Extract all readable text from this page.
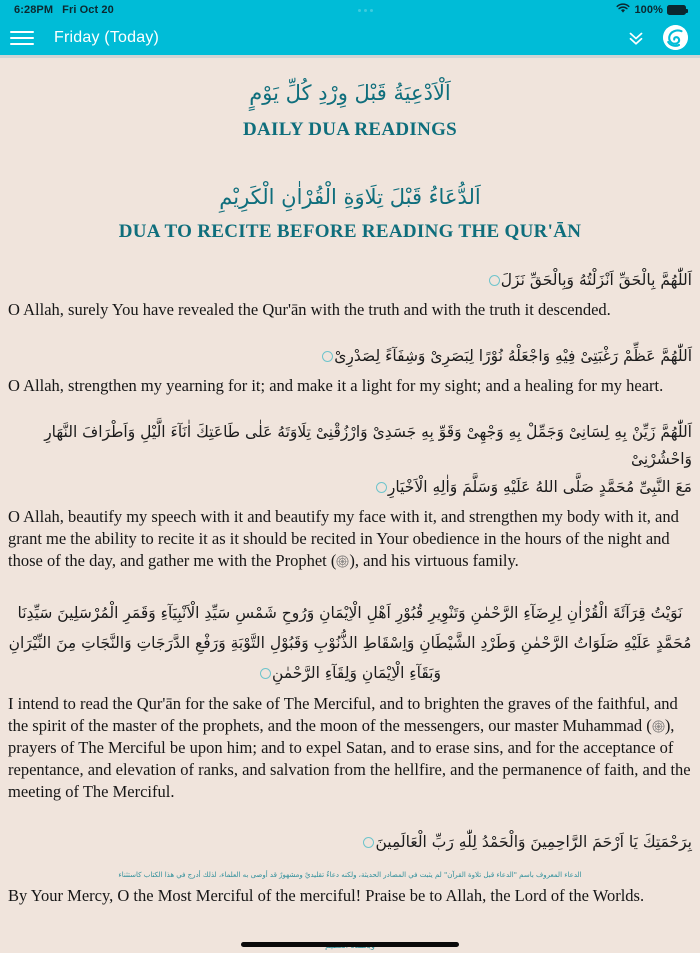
6:28PM Fri Oct 20	100%
Friday (Today)
اَلْاَدْعِيَةُ قَبْلَ وِرْدِ كُلِّ يَوْمٍ
DAILY DUA READINGS
اَلدُّعَاءُ قَبْلَ تِلَاوَةِ الْقُرْاٰنِ الْكَرِيْمِ
DUA TO RECITE BEFORE READING THE QUR'ĀN
اَللّٰهُمَّ بِالْحَقِّ اَنْزَلْتُهُ وَبِالْحَقِّ نَزَلَ
O Allah, surely You have revealed the Qur'ān with the truth and with the truth it descended.
اَللّٰهُمَّ عَظِّمْ رَغْبَتِىْ فِيْهِ وَاجْعَلْهُ نُوْرًا لِبَصَرِىْ وَشِفَآءً لِصَدْرِىْ
O Allah, strengthen my yearning for it; and make it a light for my sight; and a healing for my heart.
اَللّٰهُمَّ زَيِّنْ بِهِ لِسَانِىْ وَجَمِّلْ بِهِ وَجْهِىْ وَقَوِّ بِهِ جَسَدِىْ وَارْزُقْنِىْ تِلَاوَتَهُ عَلٰى طَاعَتِكَ اٰنَآءَ الَّيْلِ وَاَطْرَافَ النَّهَارِ وَاحْشُرْنِىْ
مَعَ النَّبِىِّ مُحَمَّدٍ صَلَّى اللهُ عَلَيْهِ وَسَلَّمَ وَاٰلِهِ الْاَخْيَارِ
O Allah, beautify my speech with it and beautify my face with it, and strengthen my body with it, and grant me the ability to recite it as it should be recited in Your obedience in the hours of the night and those of the day, and gather me with the Prophet ( ), and his virtuous family.
نَوَيْتُ قِرَآئَةَ الْقُرْاٰنِ لِرِضَآءِ الرَّحْمٰنِ وَتَنْوِيرِ قُبُوْرِ اَهْلِ الْاِيْمَانِ وَرُوحِ شَمْسِ سَيِّدِ الْاَنْبِيَآءِ وَقَمَرِ الْمُرْسَلِينَ سَيِّدِنَا
مُحَمَّدٍ عَلَيْهِ صَلَوَاتُ الرَّحْمٰنِ وَطَرْدِ الشَّيْطَانِ وَاِسْقَاطِ الذُّنُوْبِ وَقَبُوْلِ التَّوْبَةِ وَرَفْعِ الدَّرَجَاتِ وَالنَّجَاتِ مِنَ النِّيْرَانِ
وَبَقَآءِ الْاِيْمَانِ وَلِقَآءِ الرَّحْمٰنِ
I intend to read the Qur'ān for the sake of The Merciful, and to brighten the graves of the faithful, and the spirit of the master of the prophets, and the moon of the messengers, our master Muhammad ( ), prayers of The Merciful be upon him; and to expel Satan, and to erase sins, and for the acceptance of repentance, and elevation of ranks, and salvation from the hellfire, and the permanence of faith, and the meeting of The Merciful.
بِرَحْمَتِكَ يَا اَرْحَمَ الرَّاحِمِينَ وَالْحَمْدُ لِلّٰهِ رَبِّ الْعَالَمِينَ
الدعاء المعروف باسم "الدعاء قبل تلاوة القرآن" لم يثبت في المصادر الحديثة، ولكنه دعاءٌ تقليديٌ ومشهورٌ قد أوصى به العلماء، لذلك أُدرج في هذا الكتاب كاستثناء
By Your Mercy, O the Most Merciful of the merciful! Praise be to Allah, the Lord of the Worlds.
